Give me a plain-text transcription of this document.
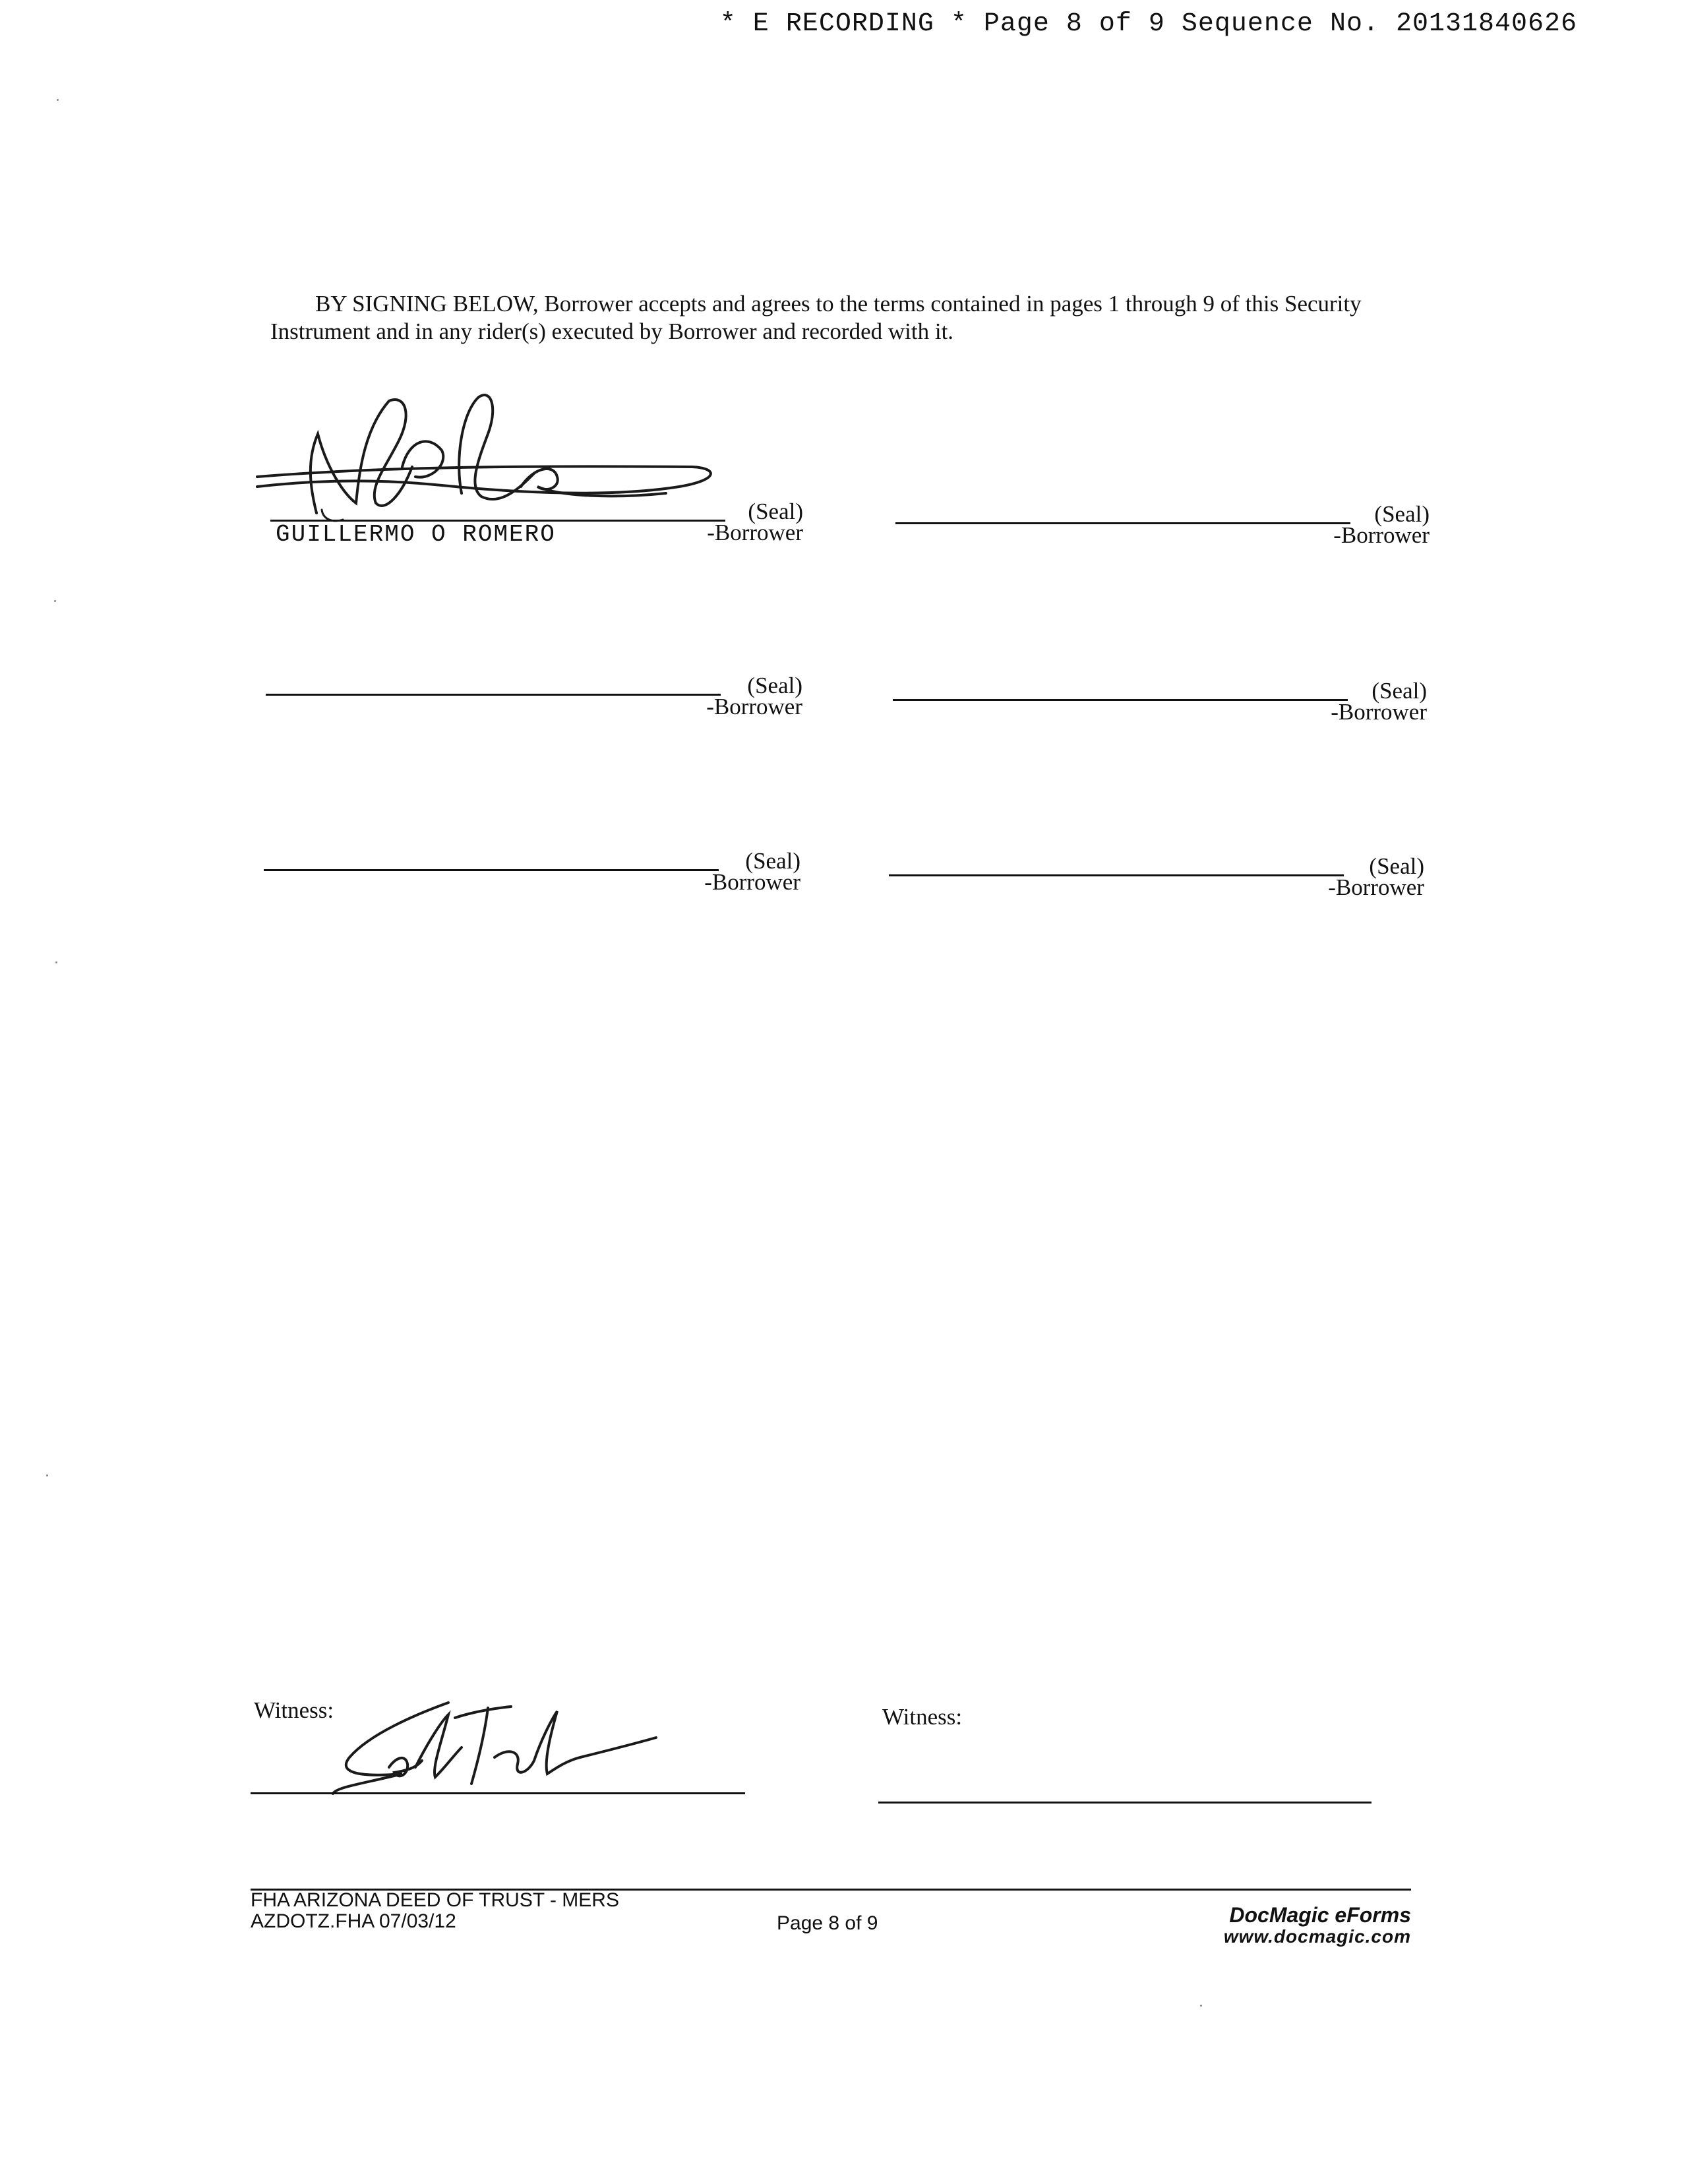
* E RECORDING * Page 8 of 9 Sequence No. 20131840626
BY SIGNING BELOW, Borrower accepts and agrees to the terms contained in pages 1 through 9 of this Security Instrument and in any rider(s) executed by Borrower and recorded with it.
(Seal)
-Borrower
GUILLERMO O ROMERO
(Seal)
-Borrower
(Seal)
-Borrower
(Seal)
-Borrower
(Seal)
-Borrower
(Seal)
-Borrower
Witness:	Witness:
FHA ARIZONA DEED OF TRUST - MERS
AZDOTZ.FHA 07/03/12	Page 8 of 9	DocMagic eForms
www.docmagic.com
